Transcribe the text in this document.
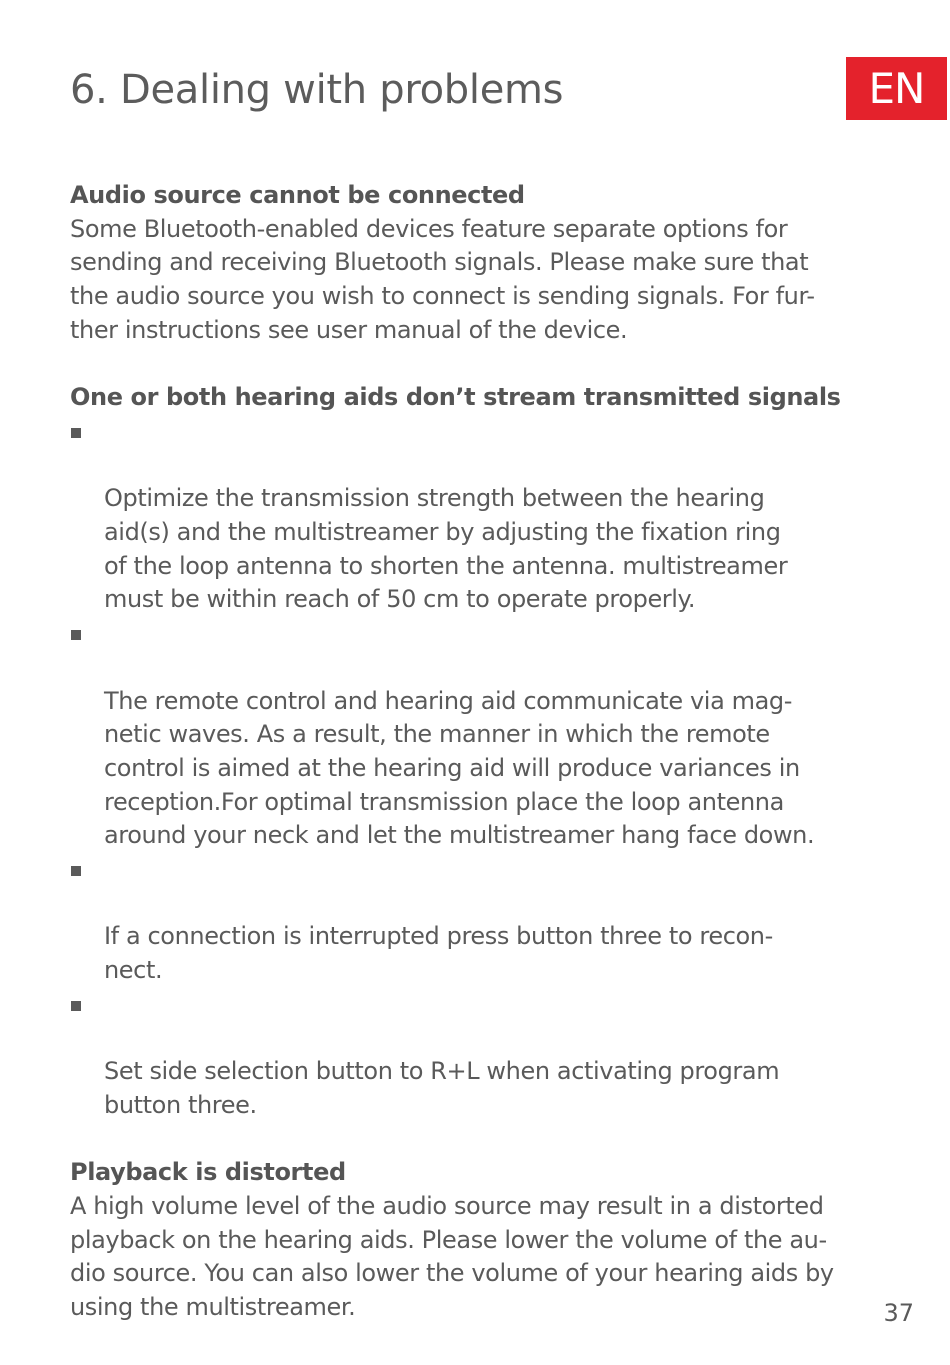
6. Dealing with problems	EN
Audio source cannot be connected

Some Bluetooth-enabled devices feature separate options for
sending and receiving Bluetooth signals. Please make sure that
the audio source you wish to connect is sending signals. For fur-
ther instructions see user manual of the device.

One or both hearing aids don’t stream transmitted signals

Optimize the transmission strength between the hearing
aid(s) and the multistreamer by adjusting the fixation ring
of the loop antenna to shorten the antenna. multistreamer
must be within reach of 50 cm to operate properly.

The remote control and hearing aid communicate via mag-
netic waves. As a result, the manner in which the remote
control is aimed at the hearing aid will produce variances in
reception.For optimal transmission place the loop antenna
around your neck and let the multistreamer hang face down.

If a connection is interrupted press button three to recon-
nect.

Set side selection button to R+L when activating program
button three.

Playback is distorted

A high volume level of the audio source may result in a distorted
playback on the hearing aids. Please lower the volume of the au-
dio source. You can also lower the volume of your hearing aids by
using the multistreamer.	37
